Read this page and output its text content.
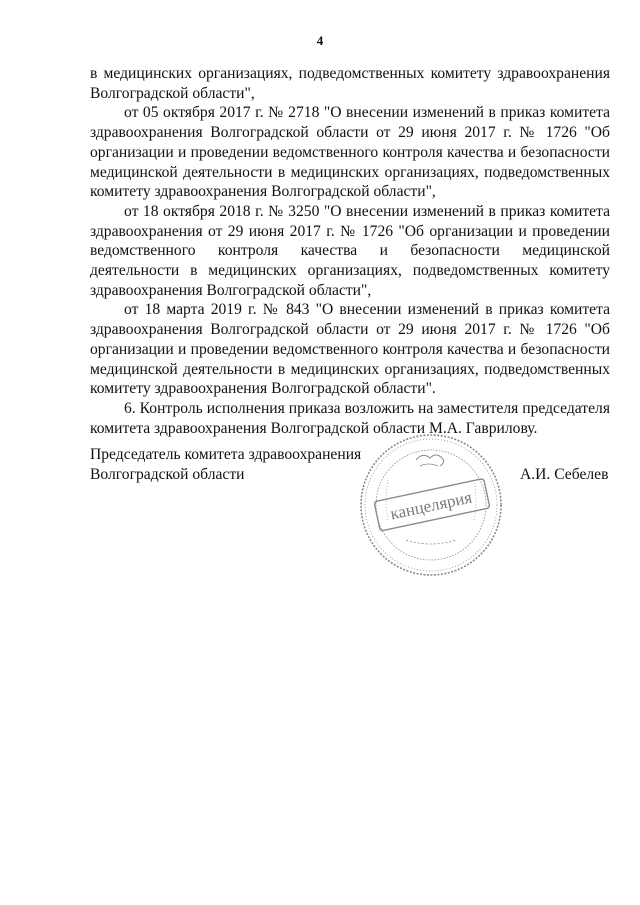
4

в медицинских организациях, подведомственных комитету здравоохранения Волгоградской области",

от 05 октября 2017 г. № 2718 "О внесении изменений в приказ комитета здравоохранения Волгоградской области от 29 июня 2017 г. № 1726 "Об организации и проведении ведомственного контроля качества и безопасности медицинской деятельности в медицинских организациях, подведомственных комитету здравоохранения Волгоградской области",

от 18 октября 2018 г. № 3250 "О внесении изменений в приказ комитета здравоохранения от 29 июня 2017 г. № 1726 "Об организации и проведении ведомственного контроля качества и безопасности медицинской деятельности в медицинских организациях, подведомственных комитету здравоохранения Волгоградской области",

от 18 марта 2019 г. № 843 "О внесении изменений в приказ комитета здравоохранения Волгоградской области от 29 июня 2017 г. № 1726 "Об организации и проведении ведомственного контроля качества и безопасности медицинской деятельности в медицинских организациях, подведомственных комитету здравоохранения Волгоградской области".

6. Контроль исполнения приказа возложить на заместителя председателя комитета здравоохранения Волгоградской области М.А. Гаврилову.

Председатель комитета здравоохранения
Волгоградской области
канцелярия
А.И. Себелев
